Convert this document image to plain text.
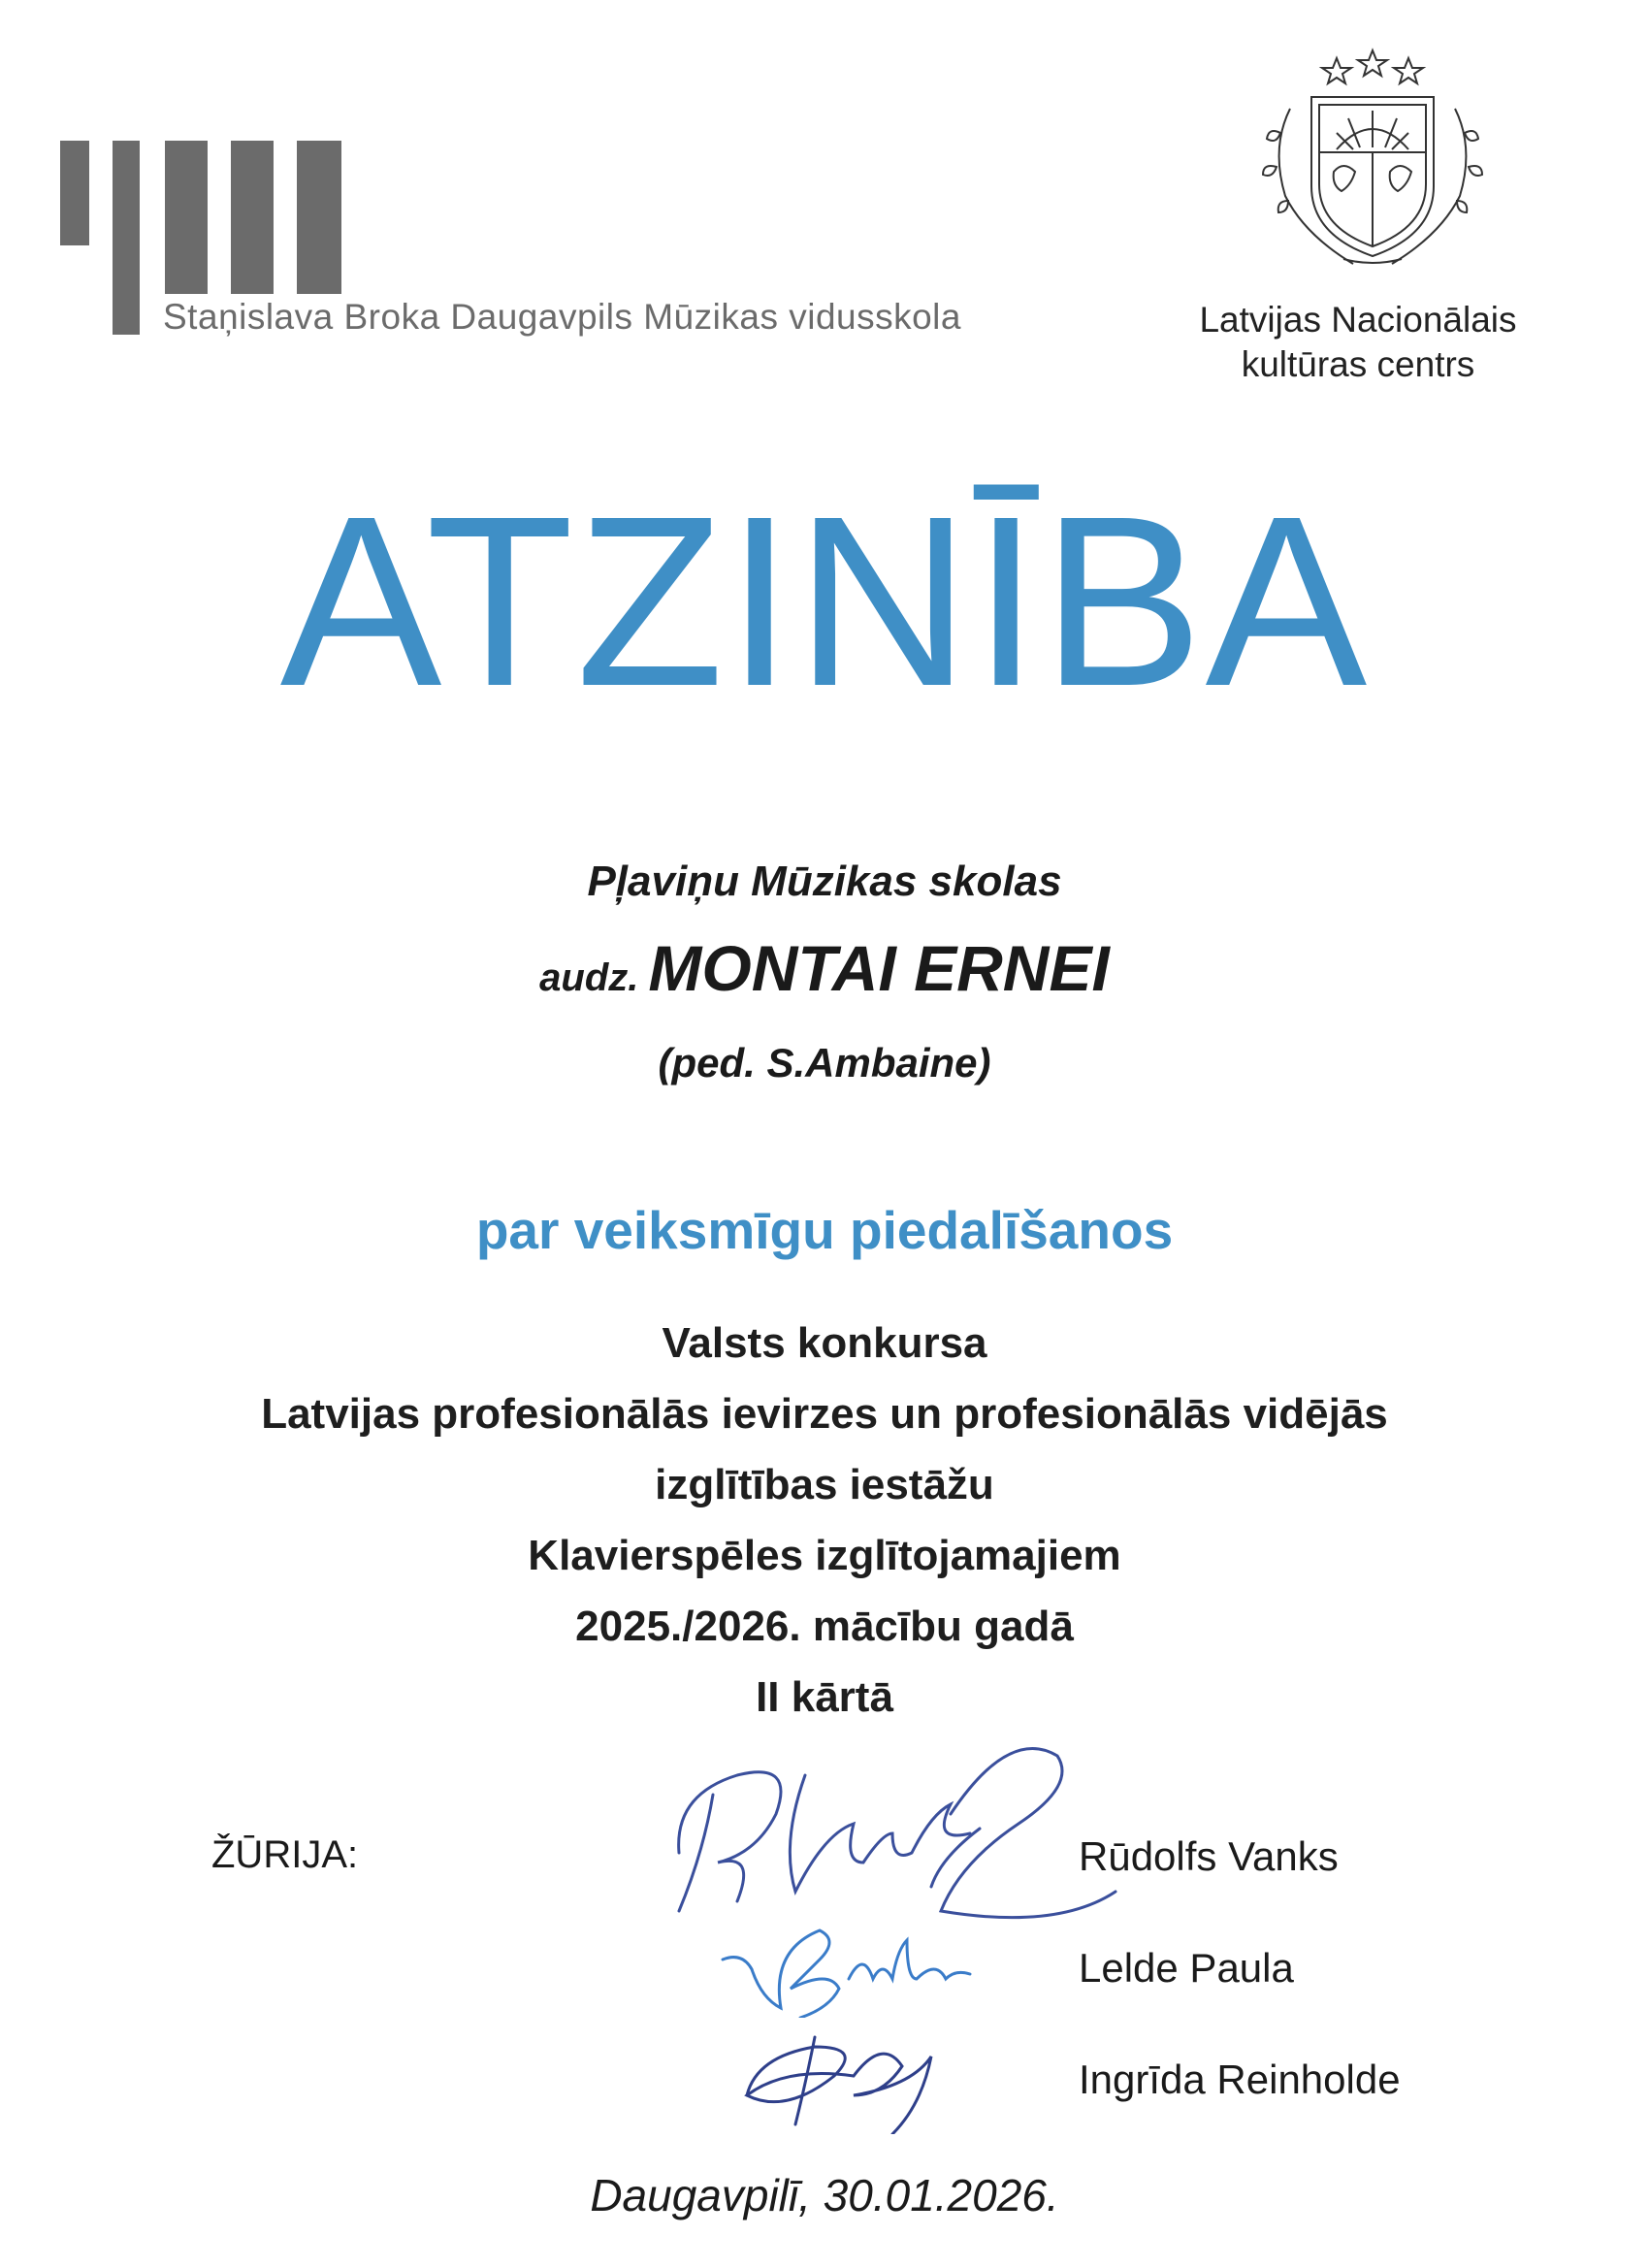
Staņislava Broka Daugavpils Mūzikas vidusskola	Latvijas Nacionālais
kultūras centrs
ATZINĪBA
Pļaviņu Mūzikas skolas
audz. MONTAI ERNEI
(ped. S.Ambaine)
par veiksmīgu piedalīšanos
Valsts konkursa
Latvijas profesionālās ievirzes un profesionālās vidējās
izglītības iestāžu
Klavierspēles izglītojamajiem
2025./2026. mācību gadā
II kārtā
ŽŪRIJA:	Rūdolfs Vanks
Lelde Paula
Ingrīda Reinholde
Daugavpilī, 30.01.2026.
